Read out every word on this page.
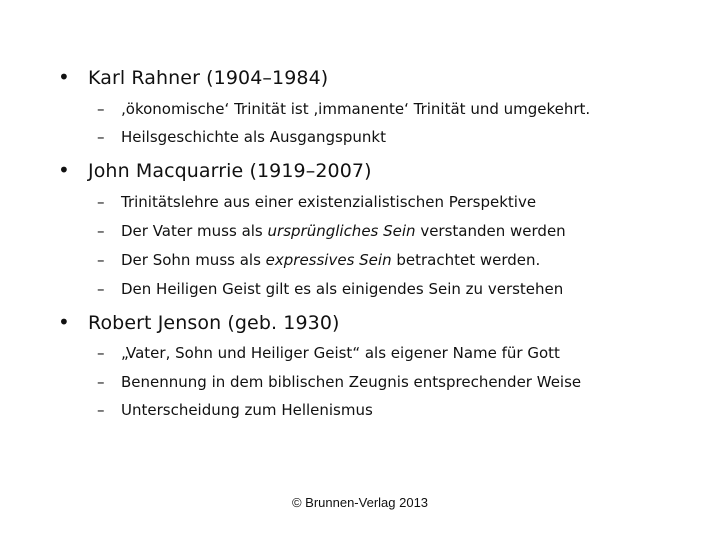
• Karl Rahner (1904–1984)
–	‚ökonomische‘ Trinität ist ‚immanente‘ Trinität und umgekehrt.
–	Heilsgeschichte als Ausgangspunkt
• John Macquarrie (1919–2007)
–	Trinitätslehre aus einer existenzialistischen Perspektive
–	Der Vater muss als ursprüngliches Sein verstanden werden
–	Der Sohn muss als expressives Sein betrachtet werden.
–	Den Heiligen Geist gilt es als einigendes Sein zu verstehen
• Robert Jenson (geb. 1930)
–	„Vater, Sohn und Heiliger Geist“ als eigener Name für Gott
–	Benennung in dem biblischen Zeugnis entsprechender Weise
–	Unterscheidung zum Hellenismus
© Brunnen-Verlag 2013
